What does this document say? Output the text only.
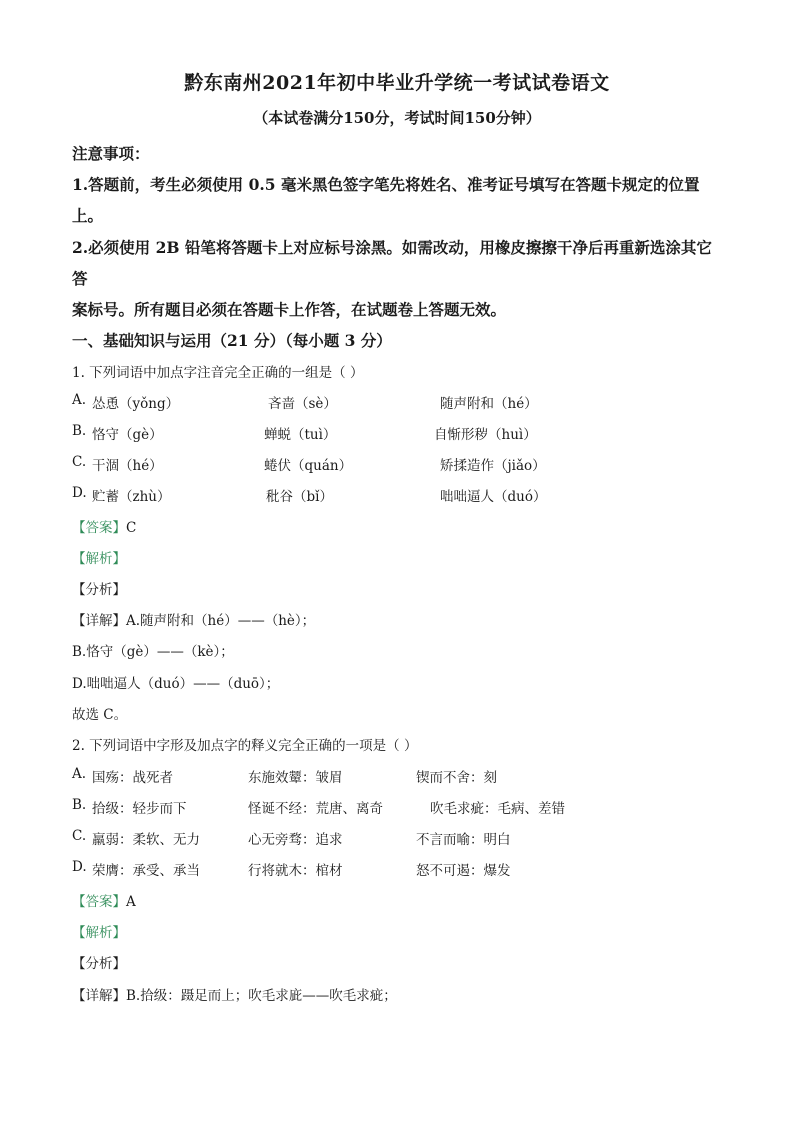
黔东南州2021年初中毕业升学统一考试试卷语文
（本试卷满分150分，考试时间150分钟）
注意事项：
1.答题前，考生必须使用 0.5 毫米黑色签字笔先将姓名、准考证号填写在答题卡规定的位置
上。
2.必须使用 2B 铅笔将答题卡上对应标号涂黑。如需改动，用橡皮擦擦干净后再重新选涂其它
答
案标号。所有题目必须在答题卡上作答，在试题卷上答题无效。
一、基础知识与运用（21 分）（每小题 3 分）
1. 下列词语中加点字注音完全正确的一组是（ ）
A. 怂恿（yǒng）	吝啬（sè）	随声附和（hé）
B. 恪守（gè）	蝉蜕（tuì）	自惭形秽（huì）
C. 干涸（hé）	蜷伏（quán）	矫揉造作（jiǎo）
D. 贮蓄（zhù）	秕谷（bǐ）	咄咄逼人（duó）
【答案】C
【解析】
【分析】
【详解】A.随声附和（hé）——（hè）；
B.恪守（gè）——（kè）；
D.咄咄逼人（duó）——（duō）；
故选 C。
2. 下列词语中字形及加点字的释义完全正确的一项是（ ）
A. 国殇：战死者	东施效颦：皱眉	锲而不舍：刻
B. 拾级：轻步而下	怪诞不经：荒唐、离奇	吹毛求疵：毛病、差错
C. 羸弱：柔软、无力	心无旁骛：追求	不言而喻：明白
D. 荣膺：承受、承当	行将就木：棺材	怒不可遏：爆发
【答案】A
【解析】
【分析】
【详解】B.拾级：蹑足而上；吹毛求庛——吹毛求疵；
